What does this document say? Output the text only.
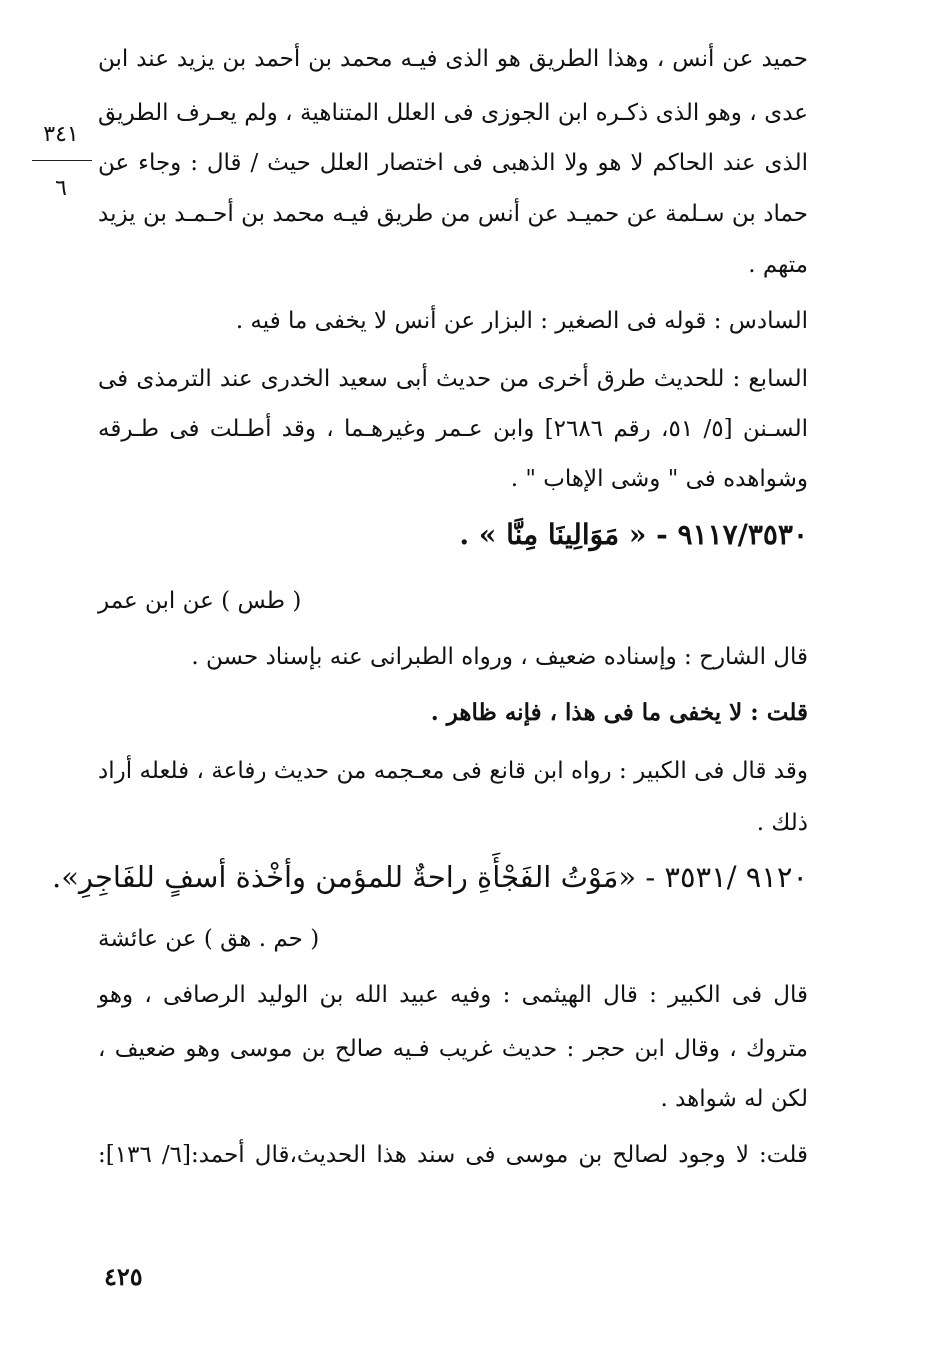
٣٤١
٦
حميد عن أنس ، وهذا الطريق هو الذى فيـه محمد بن أحمد بن يزيد عند ابن
عدى ، وهو الذى ذكـره ابن الجوزى فى العلل المتناهية ، ولم يعـرف الطريق
الذى عند الحاكم لا هو ولا الذهبى فى اختصار العلل حيث / قال : وجاء عن
حماد بن سـلمة عن حميـد عن أنس من طريق فيـه محمد بن أحـمـد بن يزيد
متهم .
السادس : قوله فى الصغير : البزار عن أنس لا يخفى ما فيه .
السابع : للحديث طرق أخرى من حديث أبى سعيد الخدرى عند الترمذى فى
السـنن [٥/ ٥١، رقم ٢٦٨٦] وابن عـمر وغيرهـما ، وقد أطـلت فى طـرقه
وشواهده فى " وشى الإهاب " .
٩١١٧/٣٥٣٠ - « مَوَالِينَا مِنَّا » .
( طس ) عن ابن عمر
قال الشارح : وإسناده ضعيف ، ورواه الطبرانى عنه بإسناد حسن .
قلت : لا يخفى ما فى هذا ، فإنه ظاهر .
وقد قال فى الكبير : رواه ابن قانع فى معـجمه من حديث رفاعة ، فلعله أراد
ذلك .
٩١٢٠ /٣٥٣١ - «مَوْتُ الفَجْأَةِ راحةٌ للمؤمن وأخْذة أسفٍ للفَاجِرِ».
( حم . هق ) عن عائشة
قال فى الكبير : قال الهيثمى : وفيه عبيد الله بن الوليد الرصافى ، وهو
متروك ، وقال ابن حجر : حديث غريب فـيه صالح بن موسى وهو ضعيف ،
لكن له شواهد .
قلت: لا وجود لصالح بن موسى فى سند هذا الحديث،قال أحمد:[٦/ ١٣٦]:
٤٢٥
